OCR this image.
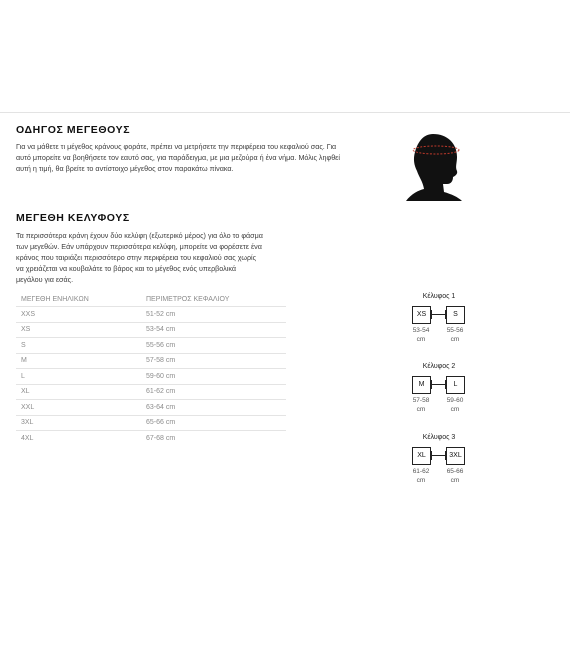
ΟΔΗΓΟΣ ΜΕΓΕΘΟΥΣ
Για να μάθετε τι μέγεθος κράνους φοράτε, πρέπει να μετρήσετε την περιφέρεια του κεφαλιού σας. Για
αυτό μπορείτε να βοηθήσετε τον εαυτό σας, για παράδειγμα, με μια μεζούρα ή ένα νήμα. Μόλις ληφθεί
αυτή η τιμή, θα βρείτε το αντίστοιχο μέγεθος στον παρακάτω πίνακα.
ΜΕΓΕΘΗ ΚΕΛΥΦΟΥΣ
Τα περισσότερα κράνη έχουν δύο κελύφη (εξωτερικό μέρος) για όλο το φάσμα
των μεγεθών. Εάν υπάρχουν περισσότερα κελύφη, μπορείτε να φορέσετε ένα
κράνος που ταιριάζει περισσότερο στην περιφέρεια του κεφαλιού σας χωρίς
να χρειάζεται να κουβαλάτε το βάρος και το μέγεθος ενός υπερβολικά
μεγάλου για εσάς.
ΜΕΓΕΘΗ ΕΝΗΛΙΚΩΝ	ΠΕΡΙΜΕΤΡΟΣ ΚΕΦΑΛΙΟΥ
XXS	51-52 cm
XS	53-54 cm
S	55-56 cm
M	57-58 cm
L	59-60 cm
XL	61-62 cm
XXL	63-64 cm
3XL	65-66 cm
4XL	67-68 cm
Κέλυφος 1
XS	S
53-54
cm
55-56
cm
Κέλυφος 2
M	L
57-58
cm
59-60
cm
Κέλυφος 3
XL	3XL
61-62
cm
65-66
cm
